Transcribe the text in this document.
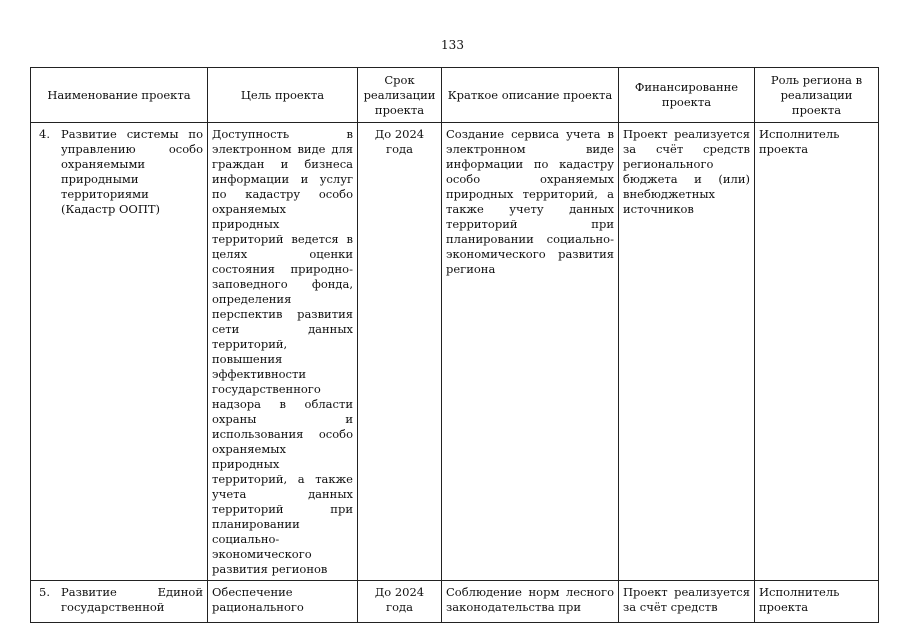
133
Наименование проекта	Цель проекта	Срок реализации проекта	Краткое описание проекта	Финансированне проекта	Роль региона в реализации проекта

4. Развитие системы по управлению особо охраняемыми природными территориями (Кадастр ООПТ)	Доступность в электронном виде для граждан и бизнеса информации и услуг по кадастру особо охраняемых природных территорий ведется в целях оценки состояния природно-заповедного фонда, определения перспектив развития сети данных территорий, повышения эффективности государственного надзора в области охраны и использования особо охраняемых природных территорий, а также учета данных территорий при планировании социально-экономического развития регионов	До 2024 года	Создание сервиса учета в электронном виде информации по кадастру особо охраняемых природных территорий, а также учету данных территорий при планировании социально-экономического развития региона	Проект реализуется за счёт средств регионального бюджета и (или) внебюджетных источников	Исполнитель проекта

5. Развитие Единой государственной	Обеспечение рационального	До 2024 года	Соблюдение норм лесного законодательства при	Проект реализуется за счёт средств	Исполнитель проекта
